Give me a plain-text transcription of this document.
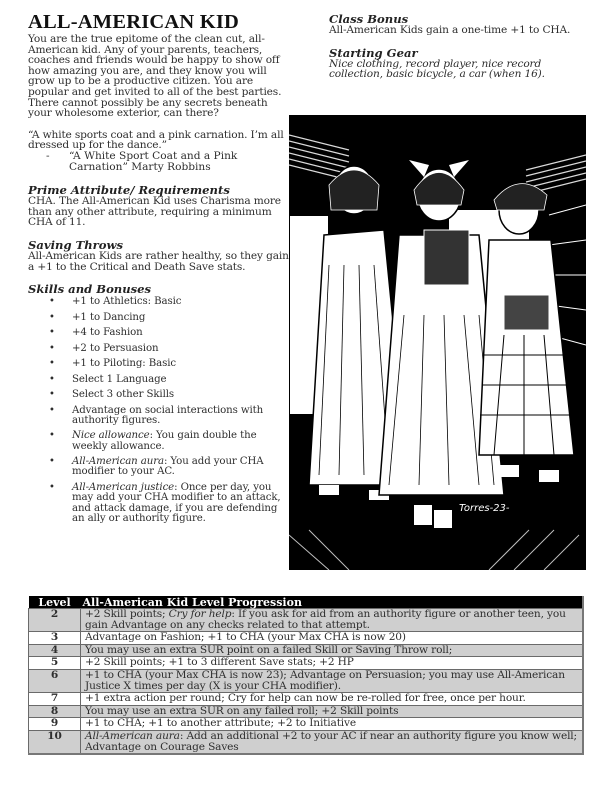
ALL-AMERICAN KID

You are the true epitome of the clean cut, all-American kid. Any of your parents, teachers, coaches and friends would be happy to show off how amazing you are, and they know you will grow up to be a productive citizen. You are popular and get invited to all of the best parties. There cannot possibly be any secrets beneath your wholesome exterior, can there?

“A white sports coat and a pink carnation. I’m all dressed up for the dance.”

-	“A White Sport Coat and a Pink Carnation” Marty Robbins
Prime Attribute/ Requirements

CHA. The All-American Kid uses Charisma more than any other attribute, requiring a minimum CHA of 11.

Saving Throws

All-American Kids are rather healthy, so they gain a +1 to the Critical and Death Save stats.

Skills and Bonuses
•	+1 to Athletics: Basic
•	+1 to Dancing
•	+4 to Fashion
•	+2 to Persuasion
•	+1 to Piloting: Basic
•	Select 1 Language
•	Select 3 other Skills
•	Advantage on social interactions with authority figures.
•	Nice allowance: You gain double the weekly allowance.
•	All-American aura: You add your CHA modifier to your AC.
•	All-American justice: Once per day, you may add your CHA modifier to an attack, and attack damage, if you are defending an ally or authority figure.
Class Bonus

All-American Kids gain a one-time +1 to CHA.

Starting Gear

Nice clothing, record player, nice record collection, basic bicycle, a car (when 16).

Torres-23-
Level	All-American Kid Level Progression
2	+2 Skill points; Cry for help: If you ask for aid from an authority figure or another teen, you gain Advantage on any checks related to that attempt.
3	Advantage on Fashion; +1 to CHA (your Max CHA is now 20)
4	You may use an extra SUR point on a failed Skill or Saving Throw roll;
5	+2 Skill points; +1 to 3 different Save stats; +2 HP
6	+1 to CHA (your Max CHA is now 23); Advantage on Persuasion; you may use All-American Justice X times per day (X is your CHA modifier).
7	+1 extra action per round; Cry for help can now be re-rolled for free, once per hour.
8	You may use an extra SUR on any failed roll; +2 Skill points
9	+1 to CHA; +1 to another attribute; +2 to Initiative
10	All-American aura: Add an additional +2 to your AC if near an authority figure you know well; Advantage on Courage Saves
